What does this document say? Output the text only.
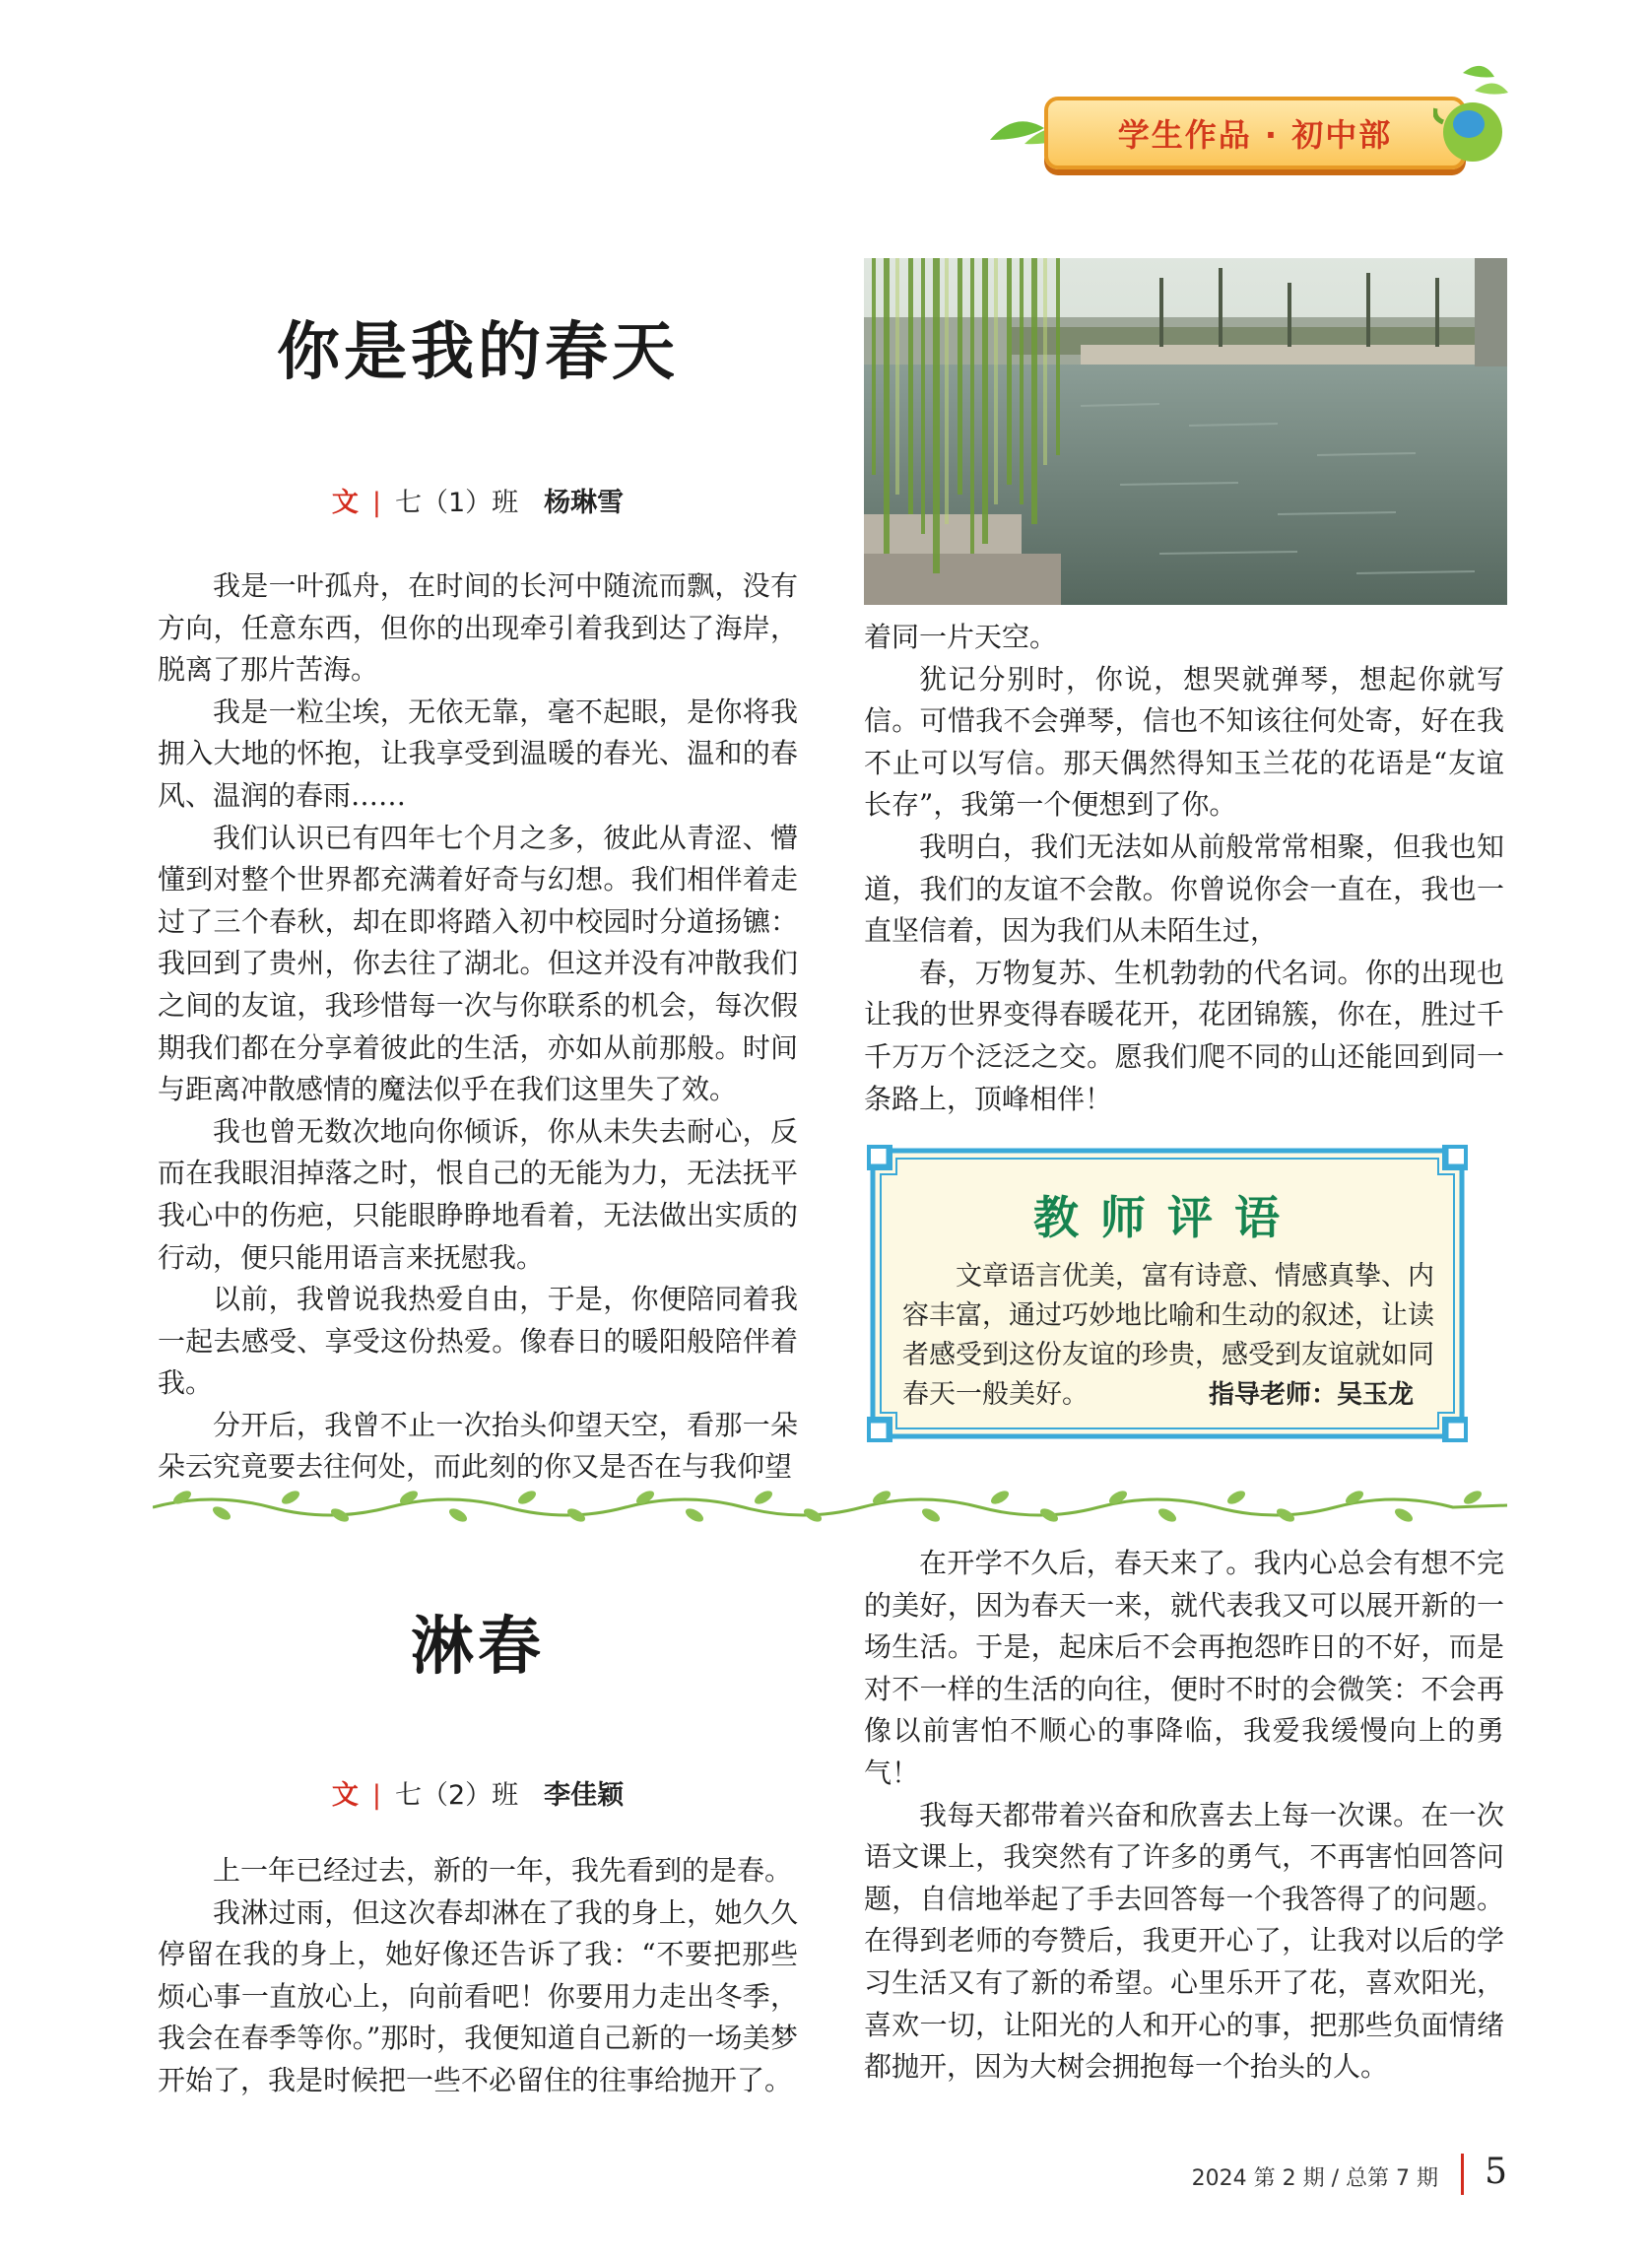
学生作品 · 初中部
你是我的春天
文 | 七（1）班 杨琳雪

我是一叶孤舟，在时间的长河中随流而飘，没有方向，任意东西，但你的出现牵引着我到达了海岸，脱离了那片苦海。

我是一粒尘埃，无依无靠，毫不起眼，是你将我拥入大地的怀抱，让我享受到温暖的春光、温和的春风、温润的春雨……

我们认识已有四年七个月之多，彼此从青涩、懵懂到对整个世界都充满着好奇与幻想。我们相伴着走过了三个春秋，却在即将踏入初中校园时分道扬镳：我回到了贵州，你去往了湖北。但这并没有冲散我们之间的友谊，我珍惜每一次与你联系的机会，每次假期我们都在分享着彼此的生活，亦如从前那般。时间与距离冲散感情的魔法似乎在我们这里失了效。

我也曾无数次地向你倾诉，你从未失去耐心，反而在我眼泪掉落之时，恨自己的无能为力，无法抚平我心中的伤疤，只能眼睁睁地看着，无法做出实质的行动，便只能用语言来抚慰我。

以前，我曾说我热爱自由，于是，你便陪同着我一起去感受、享受这份热爱。像春日的暖阳般陪伴着我。

分开后，我曾不止一次抬头仰望天空，看那一朵朵云究竟要去往何处，而此刻的你又是否在与我仰望

着同一片天空。

犹记分别时，你说，想哭就弹琴，想起你就写信。可惜我不会弹琴，信也不知该往何处寄，好在我不止可以写信。那天偶然得知玉兰花的花语是“友谊长存”，我第一个便想到了你。

我明白，我们无法如从前般常常相聚，但我也知道，我们的友谊不会散。你曾说你会一直在，我也一直坚信着，因为我们从未陌生过，

春，万物复苏、生机勃勃的代名词。你的出现也让我的世界变得春暖花开，花团锦簇，你在，胜过千千万万个泛泛之交。愿我们爬不同的山还能回到同一条路上，顶峰相伴！

教师评语

文章语言优美，富有诗意、情感真挚、内容丰富，通过巧妙地比喻和生动的叙述，让读者感受到这份友谊的珍贵，感受到友谊就如同春天一般美好。	指导老师：吴玉龙
淋春
文 | 七（2）班 李佳颖

上一年已经过去，新的一年，我先看到的是春。

我淋过雨，但这次春却淋在了我的身上，她久久停留在我的身上，她好像还告诉了我：“不要把那些烦心事一直放心上，向前看吧！你要用力走出冬季，我会在春季等你。”那时，我便知道自己新的一场美梦开始了，我是时候把一些不必留住的往事给抛开了。

在开学不久后，春天来了。我内心总会有想不完的美好，因为春天一来，就代表我又可以展开新的一场生活。于是，起床后不会再抱怨昨日的不好，而是对不一样的生活的向往，便时不时的会微笑：不会再像以前害怕不顺心的事降临，我爱我缓慢向上的勇气！

我每天都带着兴奋和欣喜去上每一次课。在一次语文课上，我突然有了许多的勇气，不再害怕回答问题，自信地举起了手去回答每一个我答得了的问题。在得到老师的夸赞后，我更开心了，让我对以后的学习生活又有了新的希望。心里乐开了花，喜欢阳光，喜欢一切，让阳光的人和开心的事，把那些负面情绪都抛开，因为大树会拥抱每一个抬头的人。

2024 第 2 期 / 总第 7 期 5
